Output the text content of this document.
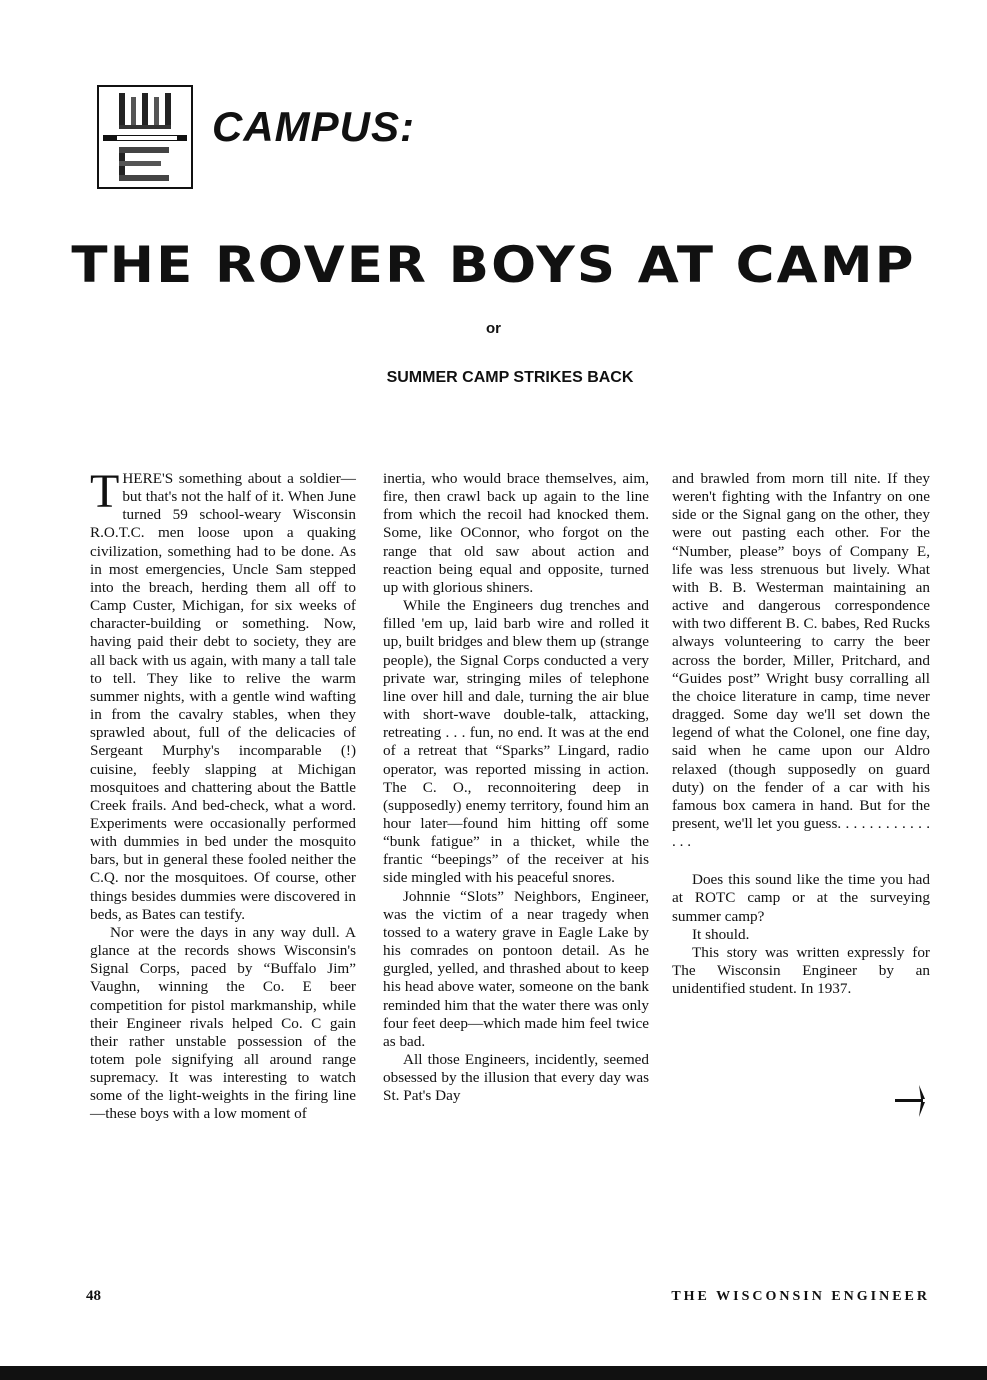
CAMPUS:
THE ROVER BOYS AT CAMP
or
SUMMER CAMP STRIKES BACK

THERE'S something about a soldier—but that's not the half of it. When June turned 59 school-weary Wisconsin R.O.T.C. men loose upon a quaking civilization, something had to be done. As in most emergencies, Uncle Sam stepped into the breach, herding them all off to Camp Custer, Michigan, for six weeks of character-building or something. Now, having paid their debt to society, they are all back with us again, with many a tall tale to tell. They like to relive the warm summer nights, with a gentle wind wafting in from the cavalry stables, when they sprawled about, full of the delicacies of Sergeant Murphy's incomparable (!) cuisine, feebly slapping at Michigan mosquitoes and chattering about the Battle Creek frails. And bed-check, what a word. Experiments were occasionally performed with dummies in bed under the mosquito bars, but in general these fooled neither the C.Q. nor the mosquitoes. Of course, other things besides dummies were discovered in beds, as Bates can testify.

Nor were the days in any way dull. A glance at the records shows Wisconsin's Signal Corps, paced by “Buffalo Jim” Vaughn, winning the Co. E beer competition for pistol markmanship, while their Engineer rivals helped Co. C gain their rather unstable possession of the totem pole signifying all around range supremacy. It was interesting to watch some of the light-weights in the firing line—these boys with a low moment of

inertia, who would brace themselves, aim, fire, then crawl back up again to the line from which the recoil had knocked them. Some, like OConnor, who forgot on the range that old saw about action and reaction being equal and opposite, turned up with glorious shiners.

While the Engineers dug trenches and filled 'em up, laid barb wire and rolled it up, built bridges and blew them up (strange people), the Signal Corps conducted a very private war, stringing miles of telephone line over hill and dale, turning the air blue with short-wave double-talk, attacking, retreating . . . fun, no end. It was at the end of a retreat that “Sparks” Lingard, radio operator, was reported missing in action. The C. O., reconnoitering deep in (supposedly) enemy territory, found him an hour later—found him hitting off some “bunk fatigue” in a thicket, while the frantic “beepings” of the receiver at his side mingled with his peaceful snores.

Johnnie “Slots” Neighbors, Engineer, was the victim of a near tragedy when tossed to a watery grave in Eagle Lake by his comrades on pontoon detail. As he gurgled, yelled, and thrashed about to keep his head above water, someone on the bank reminded him that the water there was only four feet deep—which made him feel twice as bad.

All those Engineers, incidently, seemed obsessed by the illusion that every day was St. Pat's Day

and brawled from morn till nite. If they weren't fighting with the Infantry on one side or the Signal gang on the other, they were out pasting each other. For the “Number, please” boys of Company E, life was less strenuous but lively. What with B. B. Westerman maintaining an active and dangerous correspondence with two different B. C. babes, Red Rucks always volunteering to carry the beer across the border, Miller, Pritchard, and “Guides post” Wright busy corralling all the choice literature in camp, time never dragged. Some day we'll set down the legend of what the Colonel, one fine day, said when he came upon our Aldro relaxed (though supposedly on guard duty) on the fender of a car with his famous box camera in hand. But for the present, we'll let you guess. . . . . . . . . . . . . . .

Does this sound like the time you had at ROTC camp or at the surveying summer camp?

It should.

This story was written expressly for The Wisconsin Engineer by an unidentified student. In 1937.

48	THE WISCONSIN ENGINEER
